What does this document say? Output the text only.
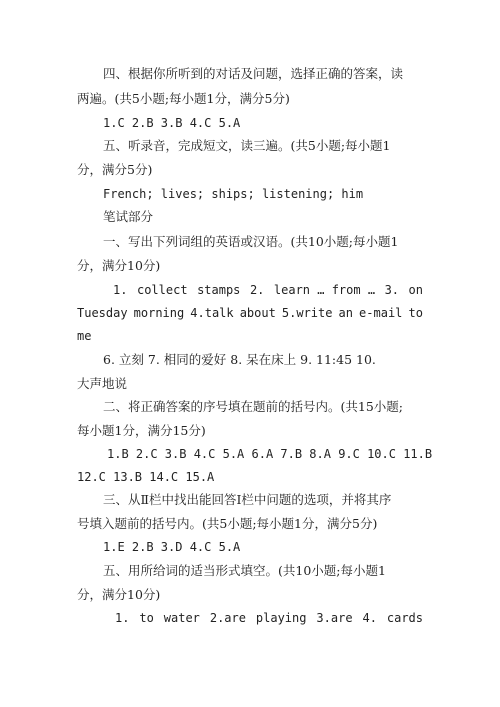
四、根据你所听到的对话及问题，选择正确的答案，读
两遍。(共5小题;每小题1分，满分5分)
1.C 2.B 3.B 4.C 5.A
五、听录音，完成短文，读三遍。(共5小题;每小题1
分，满分5分)
French; lives; ships; listening; him
笔试部分
一、写出下列词组的英语或汉语。(共10小题;每小题1
分，满分10分)
1. collect stamps 2. learn … from … 3. on
Tuesday morning 4.talk about 5.write an e-mail to
me
6. 立刻 7. 相同的爱好 8. 呆在床上 9. 11:45 10.
大声地说
二、将正确答案的序号填在题前的括号内。(共15小题;
每小题1分，满分15分)
1.B 2.C 3.B 4.C 5.A 6.A 7.B 8.A 9.C 10.C 11.B
12.C 13.B 14.C 15.A
三、从Ⅱ栏中找出能回答Ⅰ栏中问题的选项，并将其序
号填入题前的括号内。(共5小题;每小题1分，满分5分)
1.E 2.B 3.D 4.C 5.A
五、用所给词的适当形式填空。(共10小题;每小题1
分，满分10分)
1. to water 2.are playing 3.are 4. cards
